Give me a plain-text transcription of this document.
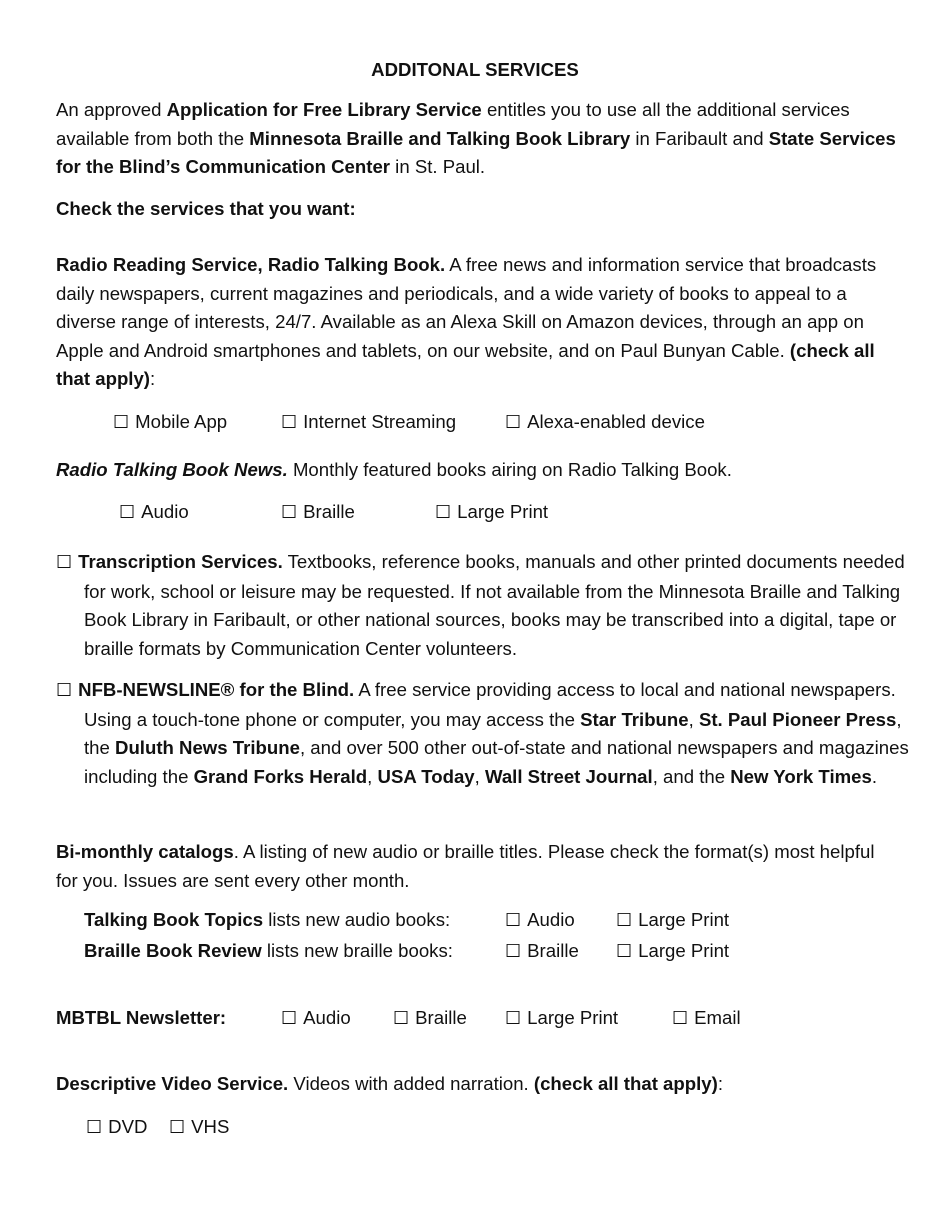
ADDITONAL SERVICES

An approved Application for Free Library Service entitles you to use all the additional services available from both the Minnesota Braille and Talking Book Library in Faribault and State Services for the Blind’s Communication Center in St. Paul.

Check the services that you want:

Radio Reading Service, Radio Talking Book. A free news and information service that broadcasts daily newspapers, current magazines and periodicals, and a wide variety of books to appeal to a diverse range of interests, 24/7. Available as an Alexa Skill on Amazon devices, through an app on Apple and Android smartphones and tablets, on our website, and on Paul Bunyan Cable. (check all that apply):

☐ Mobile App	☐ Internet Streaming	☐ Alexa-enabled device

Radio Talking Book News. Monthly featured books airing on Radio Talking Book.

☐ Audio	☐ Braille	☐ Large Print

☐ Transcription Services. Textbooks, reference books, manuals and other printed documents needed for work, school or leisure may be requested. If not available from the Minnesota Braille and Talking Book Library in Faribault, or other national sources, books may be transcribed into a digital, tape or braille formats by Communication Center volunteers.

☐ NFB-NEWSLINE® for the Blind. A free service providing access to local and national newspapers. Using a touch-tone phone or computer, you may access the Star Tribune, St. Paul Pioneer Press, the Duluth News Tribune, and over 500 other out-of-state and national newspapers and magazines including the Grand Forks Herald, USA Today, Wall Street Journal, and the New York Times.

Bi-monthly catalogs. A listing of new audio or braille titles. Please check the format(s) most helpful for you. Issues are sent every other month.

Talking Book Topics lists new audio books:	☐ Audio ☐ Large Print
Braille Book Review lists new braille books:	☐ Braille ☐ Large Print
MBTBL Newsletter:	☐ Audio ☐ Braille ☐ Large Print	☐ Email

Descriptive Video Service. Videos with added narration. (check all that apply):

☐ DVD ☐ VHS
